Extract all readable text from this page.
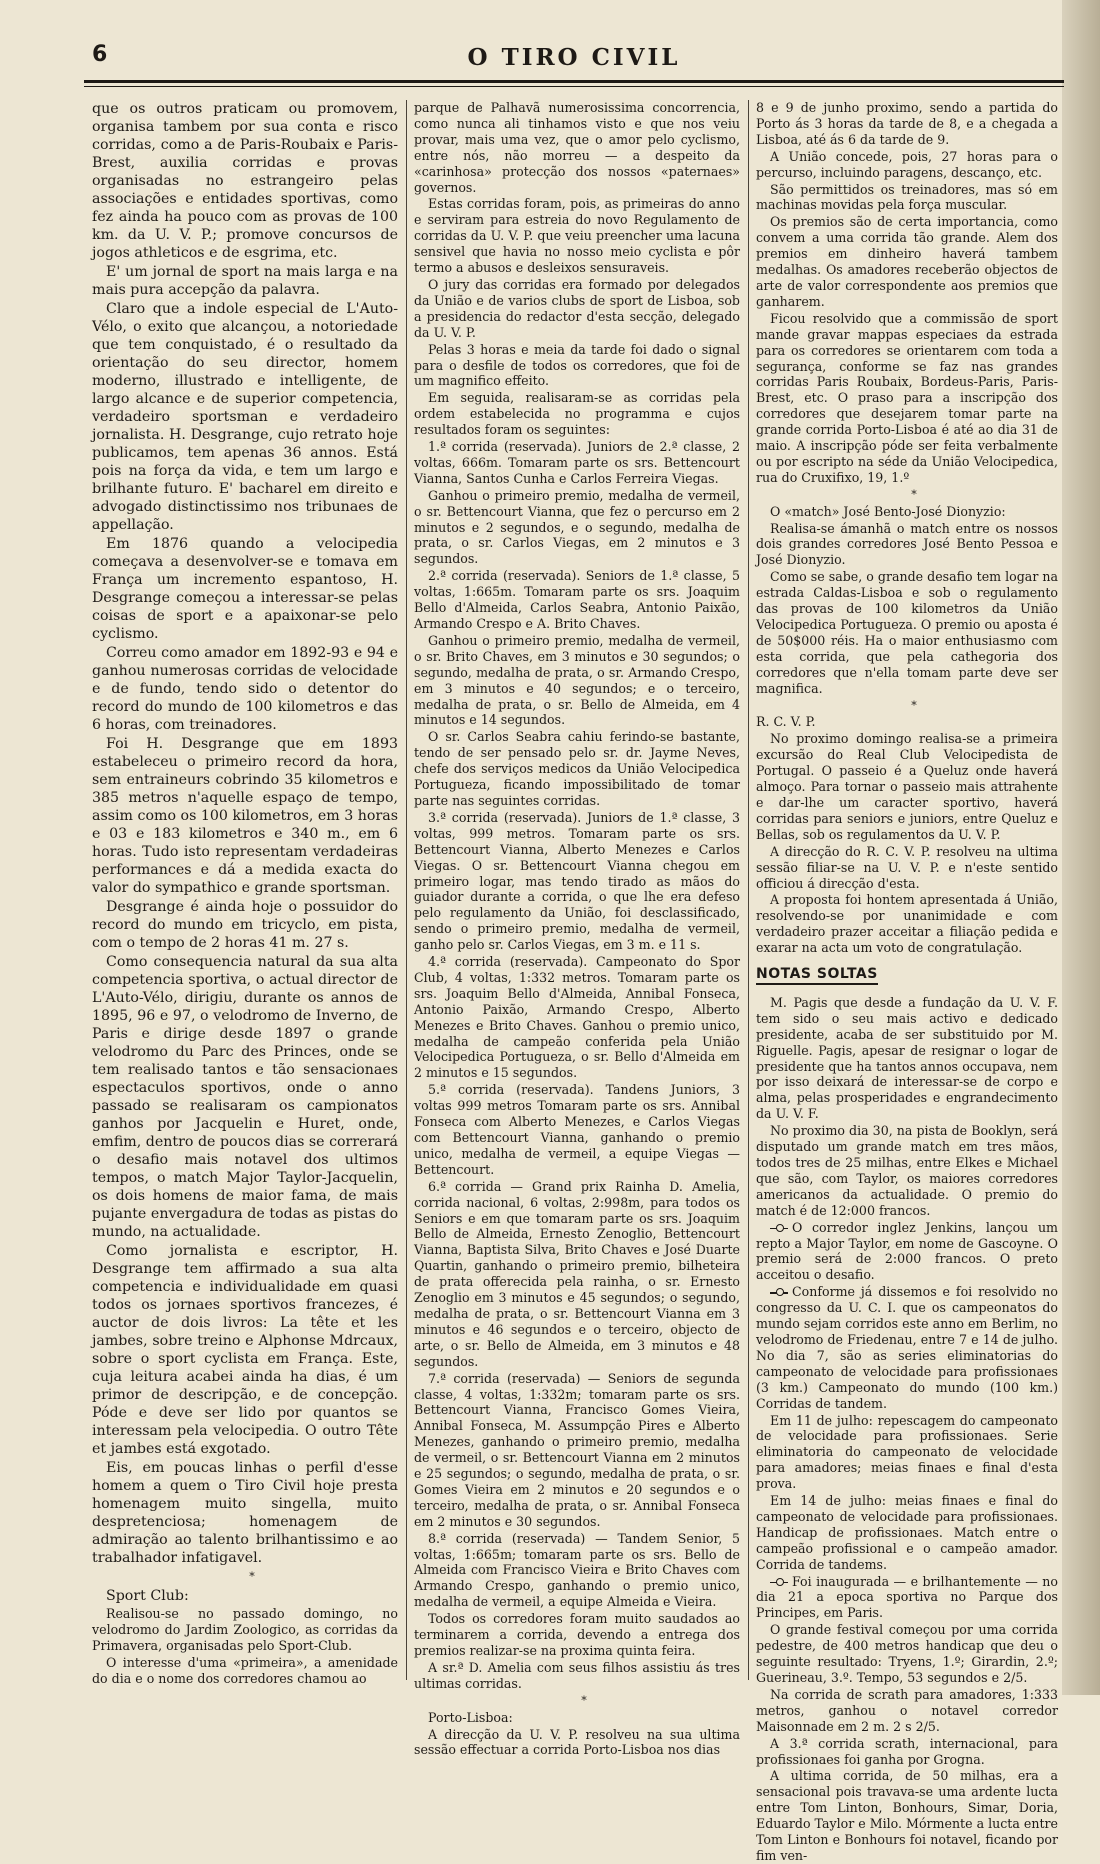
6	O TIRO CIVIL

que os outros praticam ou promovem, organisa tambem por sua conta e risco corridas, como a de Paris-Roubaix e Paris-Brest, auxilia corridas e provas organisadas no estrangeiro pelas associações e entidades sportivas, como fez ainda ha pouco com as provas de 100 km. da U. V. P.; promove concursos de jogos athleticos e de esgrima, etc.

E' um jornal de sport na mais larga e na mais pura accepção da palavra.

Claro que a indole especial de L'Auto-Vélo, o exito que alcançou, a notoriedade que tem conquistado, é o resultado da orientação do seu director, homem moderno, illustrado e intelligente, de largo alcance e de superior competencia, verdadeiro sportsman e verdadeiro jornalista. H. Desgrange, cujo retrato hoje publicamos, tem apenas 36 annos. Está pois na força da vida, e tem um largo e brilhante futuro. E' bacharel em direito e advogado distinctissimo nos tribunaes de appellação.

Em 1876 quando a velocipedia começava a desenvolver-se e tomava em França um incremento espantoso, H. Desgrange começou a interessar-se pelas coisas de sport e a apaixonar-se pelo cyclismo.

Correu como amador em 1892-93 e 94 e ganhou numerosas corridas de velocidade e de fundo, tendo sido o detentor do record do mundo de 100 kilometros e das 6 horas, com treinadores.

Foi H. Desgrange que em 1893 estabeleceu o primeiro record da hora, sem entraineurs cobrindo 35 kilometros e 385 metros n'aquelle espaço de tempo, assim como os 100 kilometros, em 3 horas e 03 e 183 kilometros e 340 m., em 6 horas. Tudo isto representam verdadeiras performances e dá a medida exacta do valor do sympathico e grande sportsman.

Desgrange é ainda hoje o possuidor do record do mundo em tricyclo, em pista, com o tempo de 2 horas 41 m. 27 s.

Como consequencia natural da sua alta competencia sportiva, o actual director de L'Auto-Vélo, dirigiu, durante os annos de 1895, 96 e 97, o velodromo de Inverno, de Paris e dirige desde 1897 o grande velodromo du Parc des Princes, onde se tem realisado tantos e tão sensacionaes espectaculos sportivos, onde o anno passado se realisaram os campionatos ganhos por Jacquelin e Huret, onde, emfim, dentro de poucos dias se correrará o desafio mais notavel dos ultimos tempos, o match Major Taylor-Jacquelin, os dois homens de maior fama, de mais pujante envergadura de todas as pistas do mundo, na actualidade.

Como jornalista e escriptor, H. Desgrange tem affirmado a sua alta competencia e individualidade em quasi todos os jornaes sportivos francezes, é auctor de dois livros: La tête et les jambes, sobre treino e Alphonse Mdrcaux, sobre o sport cyclista em França. Este, cuja leitura acabei ainda ha dias, é um primor de descripção, e de concepção. Póde e deve ser lido por quantos se interessam pela velocipedia. O outro Tête et jambes está exgotado.

Eis, em poucas linhas o perfil d'esse homem a quem o Tiro Civil hoje presta homenagem muito singella, muito despretenciosa; homenagem de admiração ao talento brilhantissimo e ao trabalhador infatigavel.

*

Sport Club:

Realisou-se no passado domingo, no velodromo do Jardim Zoologico, as corridas da Primavera, organisadas pelo Sport-Club.

O interesse d'uma «primeira», a amenidade do dia e o nome dos corredores chamou ao

parque de Palhavã numerosissima concorrencia, como nunca ali tinhamos visto e que nos veiu provar, mais uma vez, que o amor pelo cyclismo, entre nós, não morreu — a despeito da «carinhosa» protecção dos nossos «paternaes» governos.

Estas corridas foram, pois, as primeiras do anno e serviram para estreia do novo Regulamento de corridas da U. V. P. que veiu preencher uma lacuna sensivel que havia no nosso meio cyclista e pôr termo a abusos e desleixos sensuraveis.

O jury das corridas era formado por delegados da União e de varios clubs de sport de Lisboa, sob a presidencia do redactor d'esta secção, delegado da U. V. P.

Pelas 3 horas e meia da tarde foi dado o signal para o desfile de todos os corredores, que foi de um magnifico effeito.

Em seguida, realisaram-se as corridas pela ordem estabelecida no programma e cujos resultados foram os seguintes:

1.ª corrida (reservada). Juniors de 2.ª classe, 2 voltas, 666m. Tomaram parte os srs. Bettencourt Vianna, Santos Cunha e Carlos Ferreira Viegas.

Ganhou o primeiro premio, medalha de vermeil, o sr. Bettencourt Vianna, que fez o percurso em 2 minutos e 2 segundos, e o segundo, medalha de prata, o sr. Carlos Viegas, em 2 minutos e 3 segundos.

2.ª corrida (reservada). Seniors de 1.ª classe, 5 voltas, 1:665m. Tomaram parte os srs. Joaquim Bello d'Almeida, Carlos Seabra, Antonio Paixão, Armando Crespo e A. Brito Chaves.

Ganhou o primeiro premio, medalha de vermeil, o sr. Brito Chaves, em 3 minutos e 30 segundos; o segundo, medalha de prata, o sr. Armando Crespo, em 3 minutos e 40 segundos; e o terceiro, medalha de prata, o sr. Bello de Almeida, em 4 minutos e 14 segundos.

O sr. Carlos Seabra cahiu ferindo-se bastante, tendo de ser pensado pelo sr. dr. Jayme Neves, chefe dos serviços medicos da União Velocipedica Portugueza, ficando impossibilitado de tomar parte nas seguintes corridas.

3.ª corrida (reservada). Juniors de 1.ª classe, 3 voltas, 999 metros. Tomaram parte os srs. Bettencourt Vianna, Alberto Menezes e Carlos Viegas. O sr. Bettencourt Vianna chegou em primeiro logar, mas tendo tirado as mãos do guiador durante a corrida, o que lhe era defeso pelo regulamento da União, foi desclassificado, sendo o primeiro premio, medalha de vermeil, ganho pelo sr. Carlos Viegas, em 3 m. e 11 s.

4.ª corrida (reservada). Campeonato do Spor Club, 4 voltas, 1:332 metros. Tomaram parte os srs. Joaquim Bello d'Almeida, Annibal Fonseca, Antonio Paixão, Armando Crespo, Alberto Menezes e Brito Chaves. Ganhou o premio unico, medalha de campeão conferida pela União Velocipedica Portugueza, o sr. Bello d'Almeida em 2 minutos e 15 segundos.

5.ª corrida (reservada). Tandens Juniors, 3 voltas 999 metros Tomaram parte os srs. Annibal Fonseca com Alberto Menezes, e Carlos Viegas com Bettencourt Vianna, ganhando o premio unico, medalha de vermeil, a equipe Viegas — Bettencourt.

6.ª corrida — Grand prix Rainha D. Amelia, corrida nacional, 6 voltas, 2:998m, para todos os Seniors e em que tomaram parte os srs. Joaquim Bello de Almeida, Ernesto Zenoglio, Bettencourt Vianna, Baptista Silva, Brito Chaves e José Duarte Quartin, ganhando o primeiro premio, bilheteira de prata offerecida pela rainha, o sr. Ernesto Zenoglio em 3 minutos e 45 segundos; o segundo, medalha de prata, o sr. Bettencourt Vianna em 3 minutos e 46 segundos e o terceiro, objecto de arte, o sr. Bello de Almeida, em 3 minutos e 48 segundos.

7.ª corrida (reservada) — Seniors de segunda classe, 4 voltas, 1:332m; tomaram parte os srs. Bettencourt Vianna, Francisco Gomes Vieira, Annibal Fonseca, M. Assumpção Pires e Alberto Menezes, ganhando o primeiro premio, medalha de vermeil, o sr. Bettencourt Vianna em 2 minutos e 25 segundos; o segundo, medalha de prata, o sr. Gomes Vieira em 2 minutos e 20 segundos e o terceiro, medalha de prata, o sr. Annibal Fonseca em 2 minutos e 30 segundos.

8.ª corrida (reservada) — Tandem Senior, 5 voltas, 1:665m; tomaram parte os srs. Bello de Almeida com Francisco Vieira e Brito Chaves com Armando Crespo, ganhando o premio unico, medalha de vermeil, a equipe Almeida e Vieira.

Todos os corredores foram muito saudados ao terminarem a corrida, devendo a entrega dos premios realizar-se na proxima quinta feira.

A sr.ª D. Amelia com seus filhos assistiu ás tres ultimas corridas.

*

Porto-Lisboa:

A direcção da U. V. P. resolveu na sua ultima sessão effectuar a corrida Porto-Lisboa nos dias

8 e 9 de junho proximo, sendo a partida do Porto ás 3 horas da tarde de 8, e a chegada a Lisboa, até ás 6 da tarde de 9.

A União concede, pois, 27 horas para o percurso, incluindo paragens, descanço, etc.

São permittidos os treinadores, mas só em machinas movidas pela força muscular.

Os premios são de certa importancia, como convem a uma corrida tão grande. Alem dos premios em dinheiro haverá tambem medalhas. Os amadores receberão objectos de arte de valor correspondente aos premios que ganharem.

Ficou resolvido que a commissão de sport mande gravar mappas especiaes da estrada para os corredores se orientarem com toda a segurança, conforme se faz nas grandes corridas Paris Roubaix, Bordeus-Paris, Paris-Brest, etc. O praso para a inscripção dos corredores que desejarem tomar parte na grande corrida Porto-Lisboa é até ao dia 31 de maio. A inscripção póde ser feita verbalmente ou por escripto na séde da União Velocipedica, rua do Cruxifixo, 19, 1.º

*

O «match» José Bento-José Dionyzio:

Realisa-se ámanhã o match entre os nossos dois grandes corredores José Bento Pessoa e José Dionyzio.

Como se sabe, o grande desafio tem logar na estrada Caldas-Lisboa e sob o regulamento das provas de 100 kilometros da União Velocipedica Portugueza. O premio ou aposta é de 50$000 réis. Ha o maior enthusiasmo com esta corrida, que pela cathegoria dos corredores que n'ella tomam parte deve ser magnifica.

*

R. C. V. P.

No proximo domingo realisa-se a primeira excursão do Real Club Velocipedista de Portugal. O passeio é a Queluz onde haverá almoço. Para tornar o passeio mais attrahente e dar-lhe um caracter sportivo, haverá corridas para seniors e juniors, entre Queluz e Bellas, sob os regulamentos da U. V. P.

A direcção do R. C. V. P. resolveu na ultima sessão filiar-se na U. V. P. e n'este sentido officiou á direcção d'esta.

A proposta foi hontem apresentada á União, resolvendo-se por unanimidade e com verdadeiro prazer acceitar a filiação pedida e exarar na acta um voto de congratulação.

NOTAS SOLTAS

M. Pagis que desde a fundação da U. V. F. tem sido o seu mais activo e dedicado presidente, acaba de ser substituido por M. Riguelle. Pagis, apesar de resignar o logar de presidente que ha tantos annos occupava, nem por isso deixará de interessar-se de corpo e alma, pelas prosperidades e engrandecimento da U. V. F.

No proximo dia 30, na pista de Booklyn, será disputado um grande match em tres mãos, todos tres de 25 milhas, entre Elkes e Michael que são, com Taylor, os maiores corredores americanos da actualidade. O premio do match é de 12:000 francos.

O corredor inglez Jenkins, lançou um repto a Major Taylor, em nome de Gascoyne. O premio será de 2:000 francos. O preto acceitou o desafio.

Conforme já dissemos e foi resolvido no congresso da U. C. I. que os campeonatos do mundo sejam corridos este anno em Berlim, no velodromo de Friedenau, entre 7 e 14 de julho. No dia 7, são as series eliminatorias do campeonato de velocidade para profissionaes (3 km.) Campeonato do mundo (100 km.) Corridas de tandem.

Em 11 de julho: repescagem do campeonato de velocidade para profissionaes. Serie eliminatoria do campeonato de velocidade para amadores; meias finaes e final d'esta prova.

Em 14 de julho: meias finaes e final do campeonato de velocidade para profissionaes. Handicap de profissionaes. Match entre o campeão profissional e o campeão amador. Corrida de tandems.

Foi inaugurada — e brilhantemente — no dia 21 a epoca sportiva no Parque dos Principes, em Paris.

O grande festival começou por uma corrida pedestre, de 400 metros handicap que deu o seguinte resultado: Tryens, 1.º; Girardin, 2.º; Guerineau, 3.º. Tempo, 53 segundos e 2/5.

Na corrida de scrath para amadores, 1:333 metros, ganhou o notavel corredor Maisonnade em 2 m. 2 s 2/5.

A 3.ª corrida scrath, internacional, para profissionaes foi ganha por Grogna.

A ultima corrida, de 50 milhas, era a sensacional pois travava-se uma ardente lucta entre Tom Linton, Bonhours, Simar, Doria, Eduardo Taylor e Milo. Mórmente a lucta entre Tom Linton e Bonhours foi notavel, ficando por fim ven-
